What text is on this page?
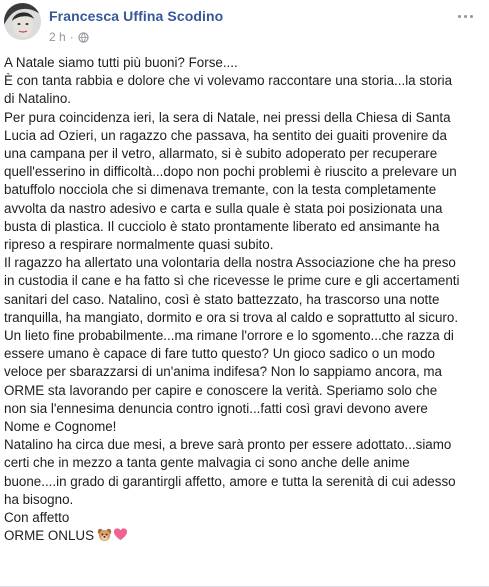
Francesca Uffina Scodino
2 h ·

A Natale siamo tutti più buoni? Forse....

È con tanta rabbia e dolore che vi volevamo raccontare una storia...la storia

di Natalino.

Per pura coincidenza ieri, la sera di Natale, nei pressi della Chiesa di Santa

Lucia ad Ozieri, un ragazzo che passava, ha sentito dei guaiti provenire da

una campana per il vetro, allarmato, si è subito adoperato per recuperare

quell'esserino in difficoltà...dopo non pochi problemi è riuscito a prelevare un

batuffolo nocciola che si dimenava tremante, con la testa completamente

avvolta da nastro adesivo e carta e sulla quale è stata poi posizionata una

busta di plastica. Il cucciolo è stato prontamente liberato ed ansimante ha

ripreso a respirare normalmente quasi subito.

Il ragazzo ha allertato una volontaria della nostra Associazione che ha preso

in custodia il cane e ha fatto sì che ricevesse le prime cure e gli accertamenti

sanitari del caso. Natalino, così è stato battezzato, ha trascorso una notte

tranquilla, ha mangiato, dormito e ora si trova al caldo e soprattutto al sicuro.

Un lieto fine probabilmente...ma rimane l'orrore e lo sgomento...che razza di

essere umano è capace di fare tutto questo? Un gioco sadico o un modo

veloce per sbarazzarsi di un'anima indifesa? Non lo sappiamo ancora, ma

ORME sta lavorando per capire e conoscere la verità. Speriamo solo che

non sia l'ennesima denuncia contro ignoti...fatti così gravi devono avere

Nome e Cognome!

Natalino ha circa due mesi, a breve sarà pronto per essere adottato...siamo

certi che in mezzo a tanta gente malvagia ci sono anche delle anime

buone....in grado di garantirgli affetto, amore e tutta la serenità di cui adesso

ha bisogno.

Con affetto

ORME ONLUS
